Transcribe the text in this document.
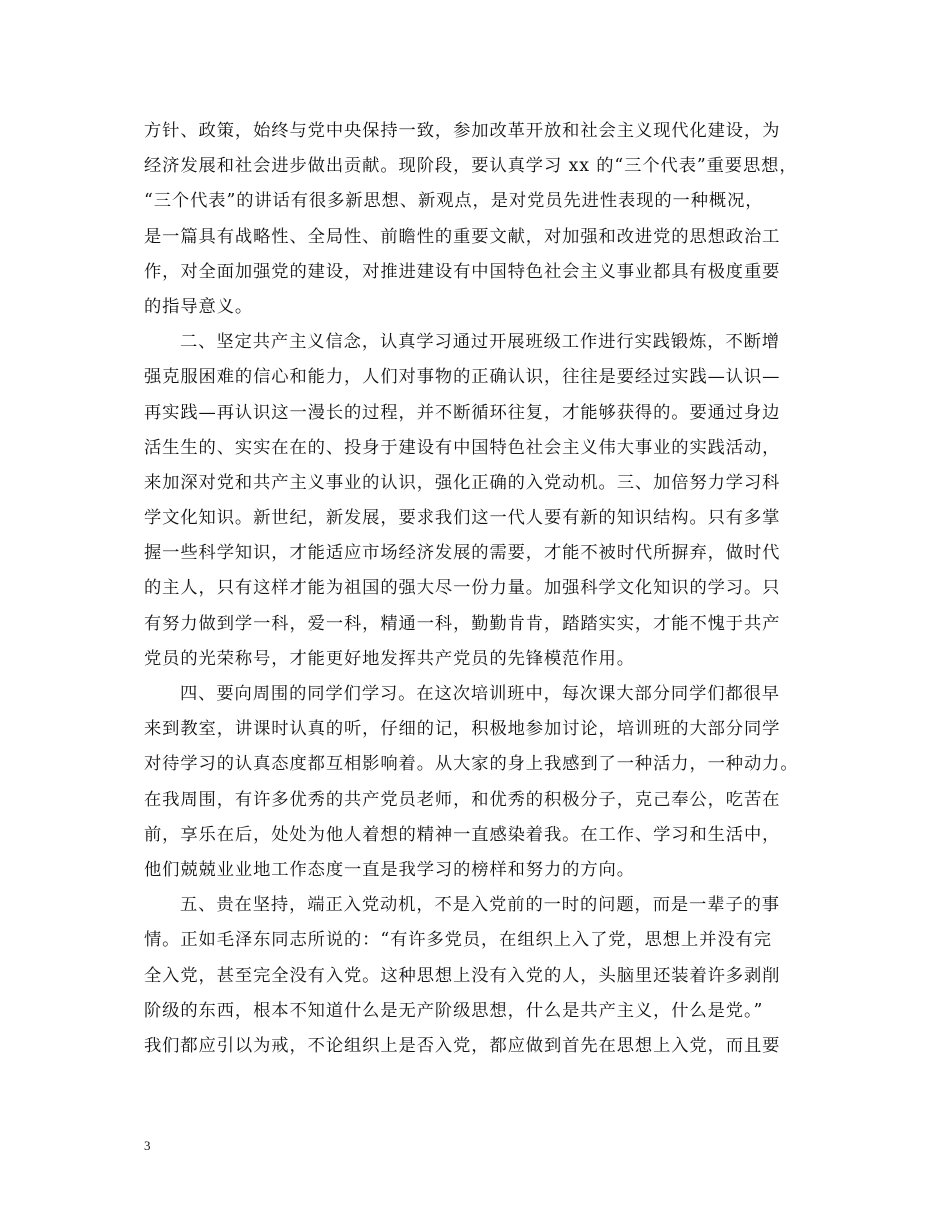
方针、政策，始终与党中央保持一致，参加改革开放和社会主义现代化建设，为
经济发展和社会进步做出贡献。现阶段，要认真学习 xx 的“三个代表”重要思想，
“三个代表”的讲话有很多新思想、新观点，是对党员先进性表现的一种概况，
是一篇具有战略性、全局性、前瞻性的重要文献，对加强和改进党的思想政治工
作，对全面加强党的建设，对推进建设有中国特色社会主义事业都具有极度重要
的指导意义。
二、坚定共产主义信念，认真学习通过开展班级工作进行实践锻炼，不断增
强克服困难的信心和能力，人们对事物的正确认识，往往是要经过实践—认识—
再实践—再认识这一漫长的过程，并不断循环往复，才能够获得的。要通过身边
活生生的、实实在在的、投身于建设有中国特色社会主义伟大事业的实践活动，
来加深对党和共产主义事业的认识，强化正确的入党动机。三、加倍努力学习科
学文化知识。新世纪，新发展，要求我们这一代人要有新的知识结构。只有多掌
握一些科学知识，才能适应市场经济发展的需要，才能不被时代所摒弃，做时代
的主人，只有这样才能为祖国的强大尽一份力量。加强科学文化知识的学习。只
有努力做到学一科，爱一科，精通一科，勤勤肯肯，踏踏实实，才能不愧于共产
党员的光荣称号，才能更好地发挥共产党员的先锋模范作用。
四、要向周围的同学们学习。在这次培训班中，每次课大部分同学们都很早
来到教室，讲课时认真的听，仔细的记，积极地参加讨论，培训班的大部分同学
对待学习的认真态度都互相影响着。从大家的身上我感到了一种活力，一种动力。
在我周围，有许多优秀的共产党员老师，和优秀的积极分子，克己奉公，吃苦在
前，享乐在后，处处为他人着想的精神一直感染着我。在工作、学习和生活中，
他们兢兢业业地工作态度一直是我学习的榜样和努力的方向。
五、贵在坚持，端正入党动机，不是入党前的一时的问题，而是一辈子的事
情。正如毛泽东同志所说的：“有许多党员，在组织上入了党，思想上并没有完
全入党，甚至完全没有入党。这种思想上没有入党的人，头脑里还装着许多剥削
阶级的东西，根本不知道什么是无产阶级思想，什么是共产主义，什么是党。”
我们都应引以为戒，不论组织上是否入党，都应做到首先在思想上入党，而且要
3
